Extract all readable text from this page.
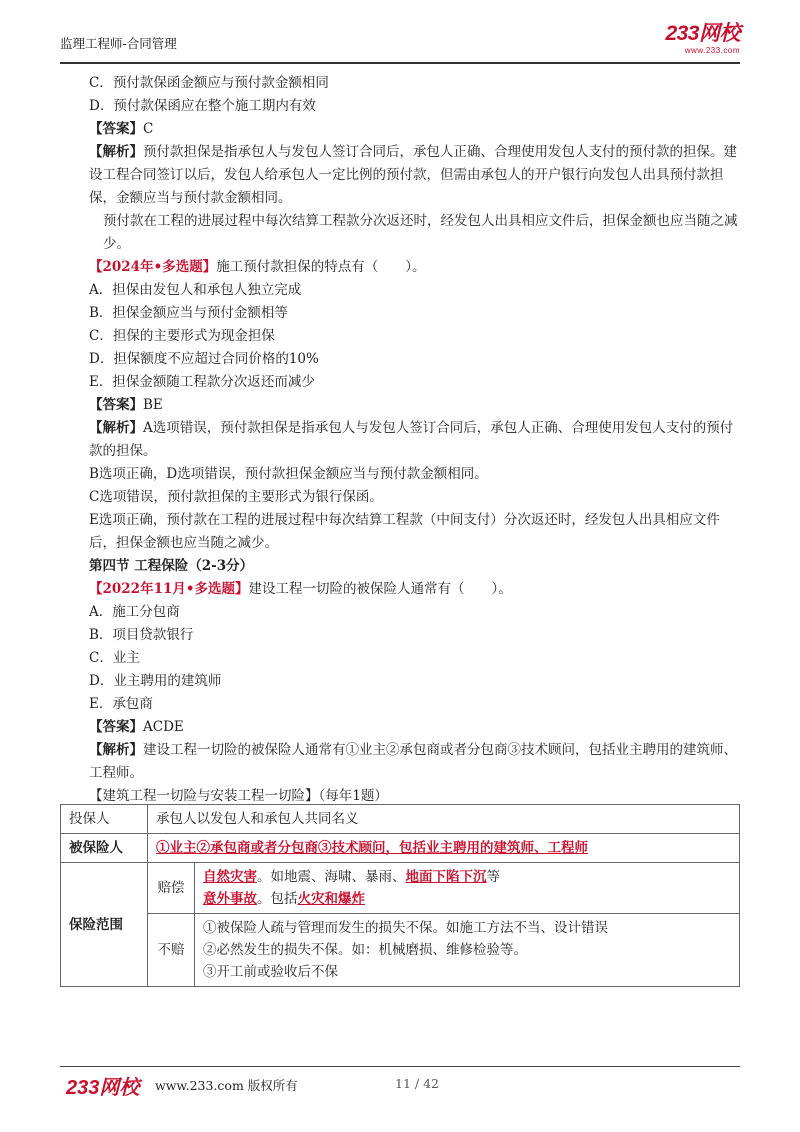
监理工程师-合同管理	233网校
www.233.com
C．预付款保函金额应与预付款金额相同
D．预付款保函应在整个施工期内有效
【答案】C

【解析】预付款担保是指承包人与发包人签订合同后，承包人正确、合理使用发包人支付的预付款的担保。建设工程合同签订以后，发包人给承包人一定比例的预付款，但需由承包人的开户银行向发包人出具预付款担保，金额应当与预付款金额相同。

预付款在工程的进展过程中每次结算工程款分次返还时，经发包人出具相应文件后，担保金额也应当随之减少。

【2024年•多选题】施工预付款担保的特点有（　　）。
A．担保由发包人和承包人独立完成
B．担保金额应当与预付金额相等
C．担保的主要形式为现金担保
D．担保额度不应超过合同价格的10%
E．担保金额随工程款分次返还而减少
【答案】BE

【解析】A选项错误，预付款担保是指承包人与发包人签订合同后，承包人正确、合理使用发包人支付的预付款的担保。

B选项正确，D选项错误，预付款担保金额应当与预付款金额相同。

C选项错误，预付款担保的主要形式为银行保函。

E选项正确，预付款在工程的进展过程中每次结算工程款（中间支付）分次返还时，经发包人出具相应文件后，担保金额也应当随之减少。

第四节 工程保险（2-3分）
【2022年11月•多选题】建设工程一切险的被保险人通常有（　　）。
A．施工分包商
B．项目贷款银行
C．业主
D．业主聘用的建筑师
E．承包商
【答案】ACDE

【解析】建设工程一切险的被保险人通常有①业主②承包商或者分包商③技术顾问，包括业主聘用的建筑师、工程师。

【建筑工程一切险与安装工程一切险】（每年1题）
投保人	承包人以发包人和承包人共同名义	
被保险人	①业主②承包商或者分包商③技术顾问，包括业主聘用的建筑师、工程师	
保险范围	赔偿	自然灾害。如地震、海啸、暴雨、地面下陷下沉等
意外事故。包括火灾和爆炸

	不赔	①被保险人疏与管理而发生的损失不保。如施工方法不当、设计错误
②必然发生的损失不保。如：机械磨损、维修检验等。
③开工前或验收后不保
233网校 www.233.com 版权所有	11 / 42
